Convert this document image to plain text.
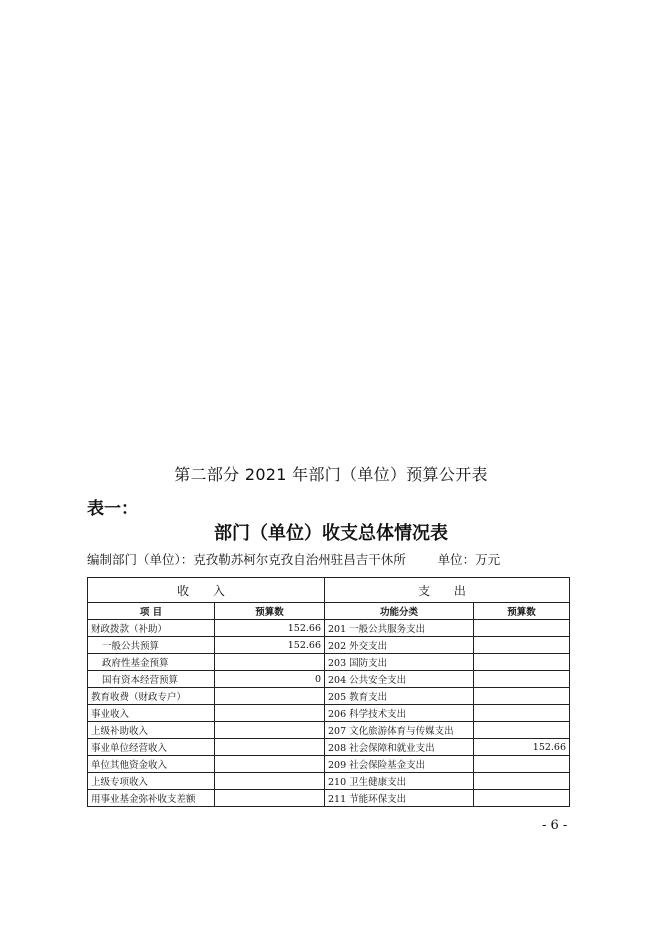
第二部分 2021 年部门（单位）预算公开表
表一：
部门（单位）收支总体情况表
编制部门（单位）：克孜勒苏柯尔克孜自治州驻昌吉干休所	单位：万元
收 入		支 出	
项 目	预算数	功能分类	预算数
财政拨款（补助）	152.66	201 一般公共服务支出	
一般公共预算	152.66	202 外交支出	
政府性基金预算		203 国防支出	
国有资本经营预算	0	204 公共安全支出	
教育收费（财政专户）		205 教育支出	
事业收入		206 科学技术支出	
上级补助收入		207 文化旅游体育与传媒支出	
事业单位经营收入		208 社会保障和就业支出	152.66
单位其他资金收入		209 社会保险基金支出	
上级专项收入		210 卫生健康支出	
用事业基金弥补收支差额		211 节能环保支出	
- 6 -
